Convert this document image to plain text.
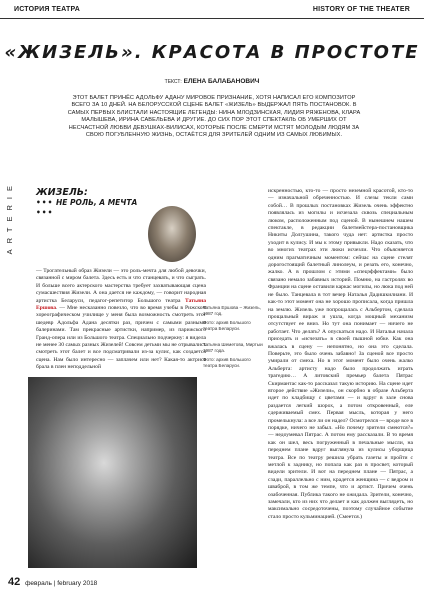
ИСТОРИЯ ТЕАТРА	HISTORY OF THE THEATER
«ЖИЗЕЛЬ». КРАСОТА В ПРОСТОТЕ
ТЕКСТ: ЕЛЕНА БАЛАБАНОВИЧ
ЭТОТ БАЛЕТ ПРИНЁС АДОЛЬФУ АДАНУ МИРОВОЕ ПРИЗНАНИЕ, ХОТЯ НАПИСАЛ ЕГО КОМПОЗИТОР ВСЕГО ЗА 10 ДНЕЙ. НА БЕЛОРУССКОЙ СЦЕНЕ БАЛЕТ «ЖИЗЕЛЬ» ВЫДЕРЖАЛ ПЯТЬ ПОСТАНОВОК. В САМЫХ ПЕРВЫХ БЛИСТАЛИ НАСТОЯЩИЕ ЛЕГЕНДЫ: НИНА МЛОДЗИНСКАЯ, ЛИДИЯ РЯЖЕНОВА, КЛАРА МАЛЫШЕВА, ИРИНА САВЕЛЬЕВА И ДРУГИЕ. ДО СИХ ПОР ЭТОТ СПЕКТАКЛЬ ОБ УМЕРШИХ ОТ НЕСЧАСТНОЙ ЛЮБВИ ДЕВУШКАХ-ВИЛИСАХ, КОТОРЫЕ ПОСЛЕ СМЕРТИ МСТЯТ МОЛОДЫМ ЛЮДЯМ ЗА СВОЮ ПОГУБЛЕННУЮ ЖИЗНЬ, ОСТАЁТСЯ ДЛЯ ЗРИТЕЛЕЙ ОДНИМ ИЗ САМЫХ ЛЮБИМЫХ.
ARTERIE	ЖИЗЕЛЬ:
••• НЕ РОЛЬ, А МЕЧТА •••

— Трогательный образ Жизели — это роль-мечта для любой девочки, связанной с миром балета. Здесь есть и что станцевать, и что сыграть. И больше всего актерского мастерства требует захватывающая сцена сумасшествия Жизели. А она дается не каждому, — говорит народная артистка Беларуси, педагог-репетитор Большого театра Татьяна Ершова. — Мне несказанно повезло, что во время учебы в Рижском хореографическом училище у меня была возможность смотреть этот шедевр Адольфа Адана десятки раз, причем с самыми разными балеринами. Там прекрасные артистки, например, из парижского Гранд-опера или из Большого театра. Специально подчеркну: я видела не менее 30 самых разных Жизелей! Совсем детьми мы не отрывались смотреть этот балет и все подсматривали из-за кулис, как создается сцена. Нам было интересно — заплачем или нет? Какая-то актриса брала в плен неподдельной

Татьяна Ершова – Жизель, 1987 год.
Фото: архив Большого театра Беларуси.
Татьяна Шеметова, Миртыи 1987 года.
Фото: архив Большого театра Беларуси.

искренностью, кто-то — просто неземной красотой, кто-то — изначальной обреченностью. И слезы текли сами собой… В прошлых постановках Жизель очень эффектно появлялась из могилы и исчезала сквозь специальным люком, расположенным под сценой. В нынешнем нашем спектакле, в редакции балетмейстера-постановщика Никиты Долгушина, такого чуда нет: артистка просто уходит в кулису. И мы к этому привыкли. Надо сказать, что во многих театрах эти люки исчезли. Что объясняется одним прагматичным моментом: сейчас на сцене стелят дорогостоящий балетный линолеум, и резать его, конечно, жалко. А в прошлом с этими «спецэффектами» было связано немало забавных историй. Помню, на гастролях во Франции на сцене оставили каркас могилы, но люка под ней не было. Танцевала в тот вечер Наталья Дадишкилиани. И как-то этот момент она не хорошо прописала, когда пришла на землю. Жизель уже попрощалась с Альбертом, сделала прощальный вираж и ушла, когда мощный механизм отсутствует ее вниз. Но тут она понимает — ничего не работает. Что делать? А опускаться надо. И Наталья начала приседать и «исчезать» в своей пышной юбке. Как она вжалась в сцену — непонятно, но она это сделала. Поверьте, это было очень забавно! За сценой все просто умирали от смеха. Но в этот момент было очень жалко Альберта: артисту надо было продолжать играть трагедию… А литовский премьер балета Пятрас Скирмантас как-то рассказал такую историю. На сцене идет второе действие «Жизели», он скорбно в образе Альберта идет по кладбищу с цветами — и вдруг в зале снова раздается легкий шорох, а потом откровенный, еле сдерживаемый смех. Первая мысль, которая у него промелькнула: а все ли он надел? Осмотрелся — вроде все в порядке, ничего не забыл. «Но почему зрители смеются?» — недоумевал Пятрас. А потом ему рассказали. В то время как он шел, весь погруженный в печальные мысли, на переднем плане вдруг выглянула из кулисы уборщица театра. Все по театру решила убрать газеты и пройти с метлой к заднику, но попала как раз в просвет, который видели зрители. И вот на переднем плане — Пятрас, а сзади, параллельно с ним, крадется женщина — с ведром и шваброй, в том же темпе, что и артист. Причем очень озабоченная. Публика такого не ожидала. Зрители, конечно, замечали, кто из них что делает и как должен выглядеть, но максимально сосредоточены, поэтому случайное событие стало просто кульминацией. (Смеется.)

42 февраль | february 2018
